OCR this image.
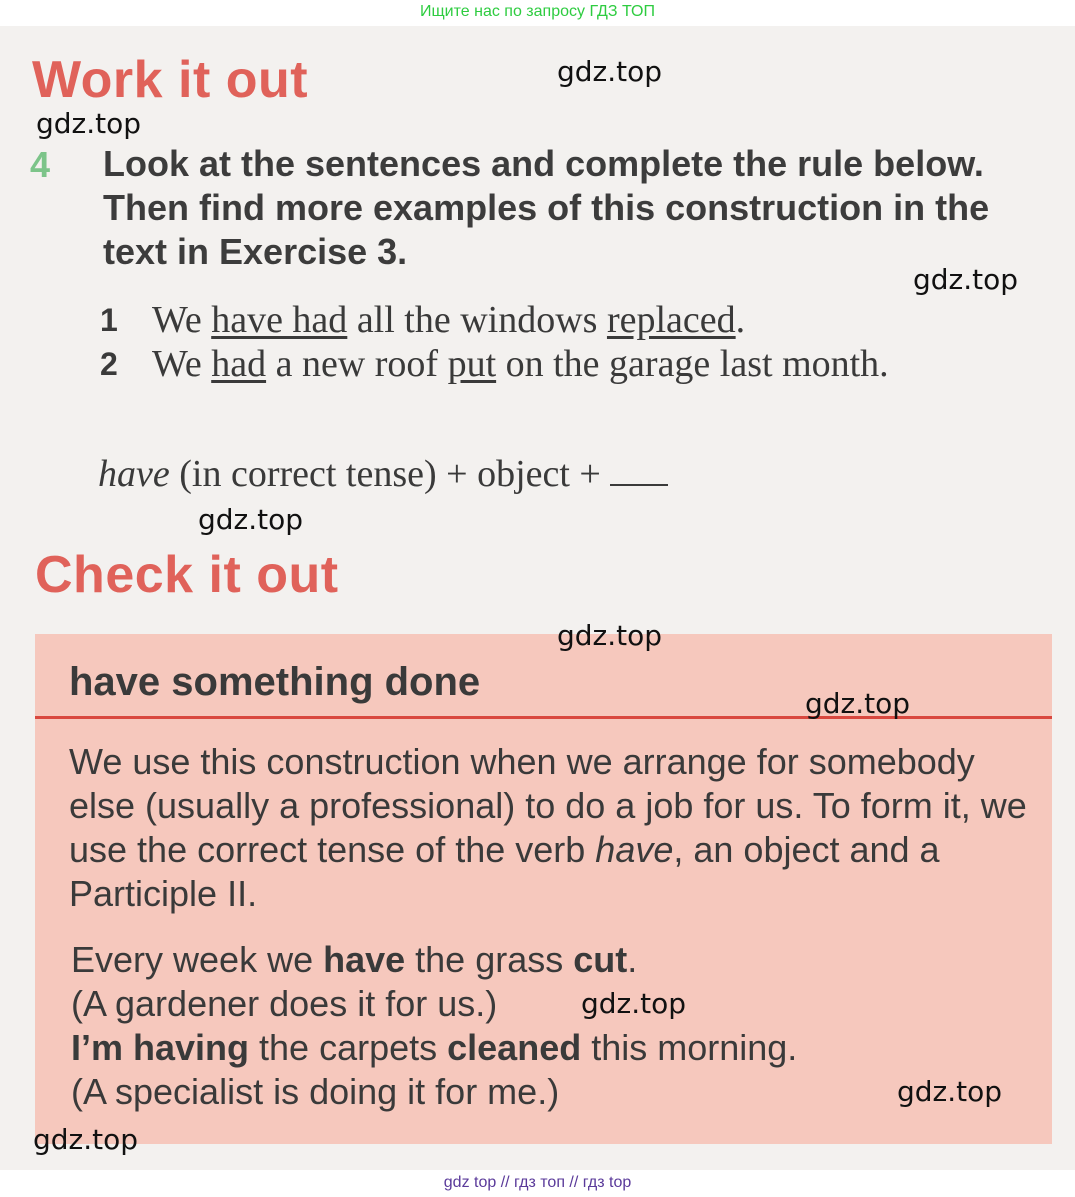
Ищите нас по запросу ГДЗ ТОП
Work it out
4 Look at the sentences and complete the rule below. Then find more examples of this construction in the text in Exercise 3.
1 We have had all the windows replaced.
2 We had a new roof put on the garage last month.
have (in correct tense) + object +
Check it out
have something done
We use this construction when we arrange for somebody else (usually a professional) to do a job for us. To form it, we use the correct tense of the verb have, an object and a Participle II.
Every week we have the grass cut.
(A gardener does it for us.)
I’m having the carpets cleaned this morning.
(A specialist is doing it for me.)
gdz.top
gdz.top
gdz.top
gdz.top
gdz.top
gdz.top
gdz.top
gdz.top
gdz.top
gdz top // гдз топ // гдз top
